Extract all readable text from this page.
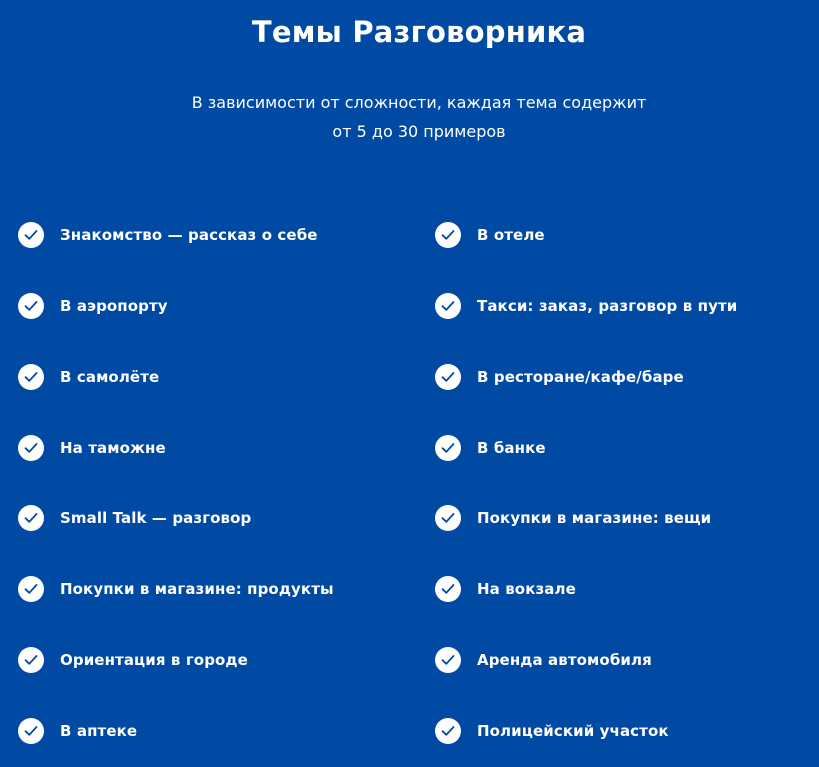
Темы Разговорника
В зависимости от сложности, каждая тема содержит
от 5 до 30 примеров
Знакомство — рассказ о себе
В аэропорту
В самолёте
На таможне
Small Talk — разговор
Покупки в магазине: продукты
Ориентация в городе
В аптеке
В отеле
Такси: заказ, разговор в пути
В ресторане/кафе/баре
В банке
Покупки в магазине: вещи
На вокзале
Аренда автомобиля
Полицейский участок
